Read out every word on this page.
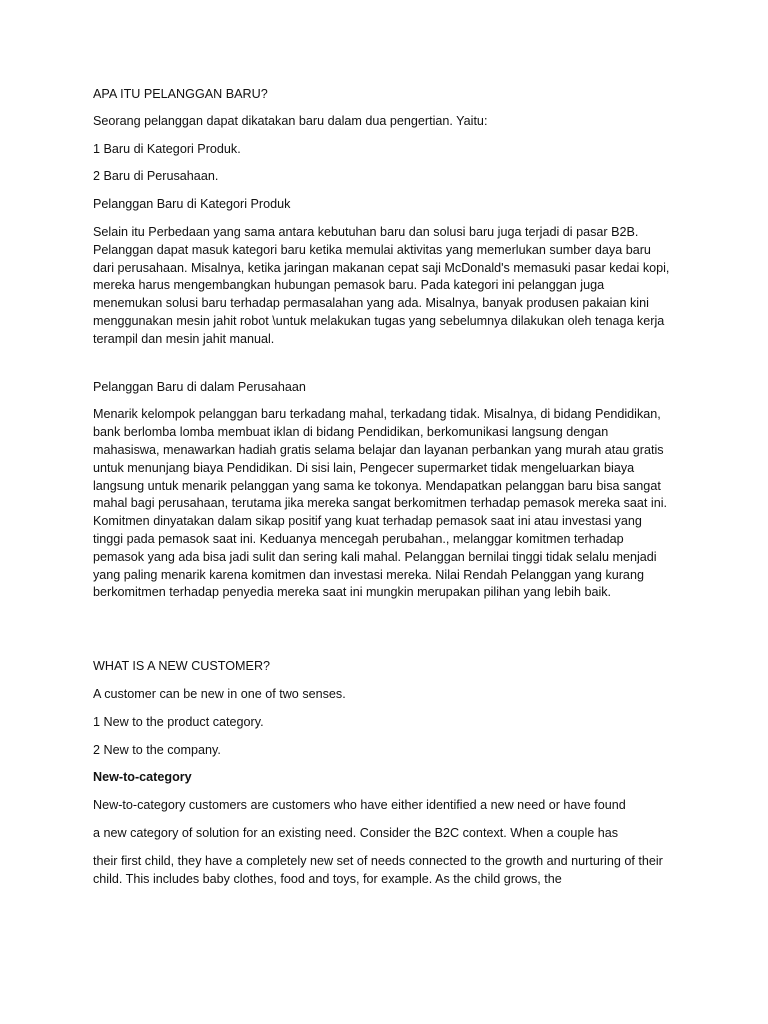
APA ITU PELANGGAN BARU?

Seorang pelanggan dapat dikatakan baru dalam dua pengertian. Yaitu:

1 Baru di Kategori Produk.

2 Baru di Perusahaan.

Pelanggan Baru di Kategori Produk

Selain itu Perbedaan yang sama antara kebutuhan baru dan solusi baru juga terjadi di pasar B2B. Pelanggan dapat masuk kategori baru ketika memulai aktivitas yang memerlukan sumber daya baru dari perusahaan. Misalnya, ketika jaringan makanan cepat saji McDonald's memasuki pasar kedai kopi, mereka harus mengembangkan hubungan pemasok baru. Pada kategori ini pelanggan juga menemukan solusi baru terhadap permasalahan yang ada. Misalnya, banyak produsen pakaian kini menggunakan mesin jahit robot \untuk melakukan tugas yang sebelumnya dilakukan oleh tenaga kerja terampil dan mesin jahit manual.

Pelanggan Baru di dalam Perusahaan

Menarik kelompok pelanggan baru terkadang mahal, terkadang tidak. Misalnya, di bidang Pendidikan, bank berlomba lomba membuat iklan di bidang Pendidikan, berkomunikasi langsung dengan mahasiswa, menawarkan hadiah gratis selama belajar dan layanan perbankan yang murah atau gratis untuk menunjang biaya Pendidikan. Di sisi lain, Pengecer supermarket tidak mengeluarkan biaya langsung untuk menarik pelanggan yang sama ke tokonya. Mendapatkan pelanggan baru bisa sangat mahal bagi perusahaan, terutama jika mereka sangat berkomitmen terhadap pemasok mereka saat ini. Komitmen dinyatakan dalam sikap positif yang kuat terhadap pemasok saat ini atau investasi yang tinggi pada pemasok saat ini. Keduanya mencegah perubahan., melanggar komitmen terhadap pemasok yang ada bisa jadi sulit dan sering kali mahal. Pelanggan bernilai tinggi tidak selalu menjadi yang paling menarik karena komitmen dan investasi mereka. Nilai Rendah Pelanggan yang kurang berkomitmen terhadap penyedia mereka saat ini mungkin merupakan pilihan yang lebih baik.

WHAT IS A NEW CUSTOMER?

A customer can be new in one of two senses.

1 New to the product category.

2 New to the company.

New-to-category

New-to-category customers are customers who have either identified a new need or have found

a new category of solution for an existing need. Consider the B2C context. When a couple has

their first child, they have a completely new set of needs connected to the growth and nurturing of their child. This includes baby clothes, food and toys, for example. As the child grows, the
